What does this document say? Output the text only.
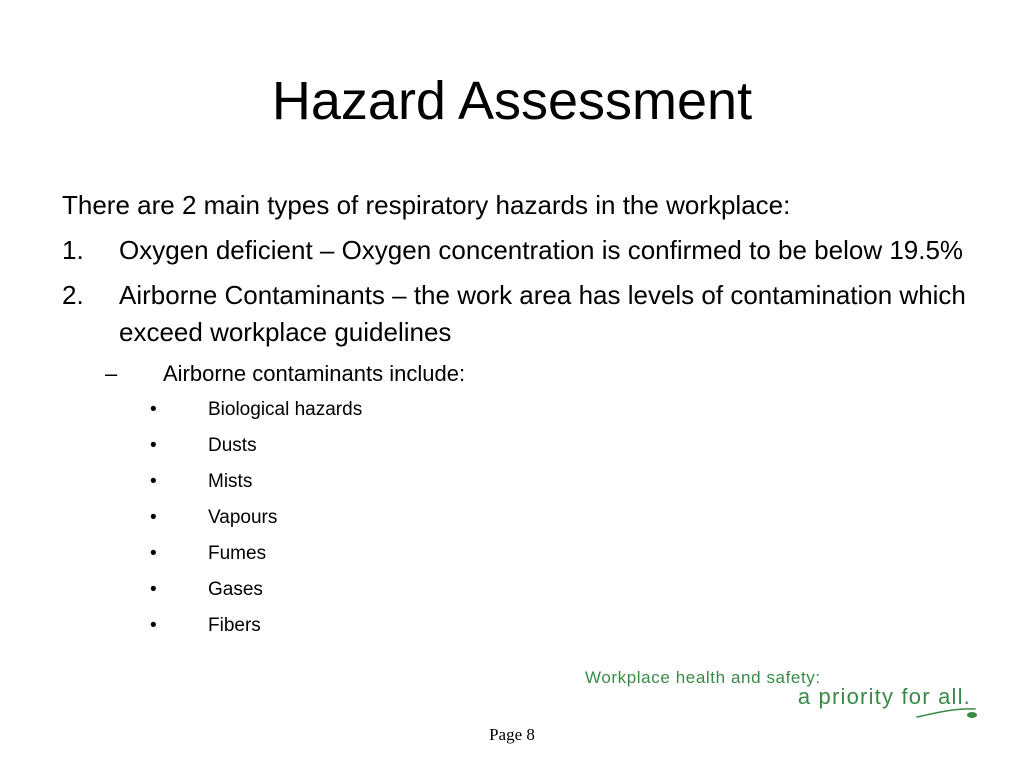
Hazard Assessment

There are 2 main types of respiratory hazards in the workplace:

1. Oxygen deficient – Oxygen concentration is confirmed to be below 19.5%
2. Airborne Contaminants – the work area has levels of contamination which exceed workplace guidelines
– Airborne contaminants include:
•	Biological hazards
•	Dusts
•	Mists
•	Vapours
•	Fumes
•	Gases
•	Fibers
Workplace health and safety:
a priority for all.
Page 8
